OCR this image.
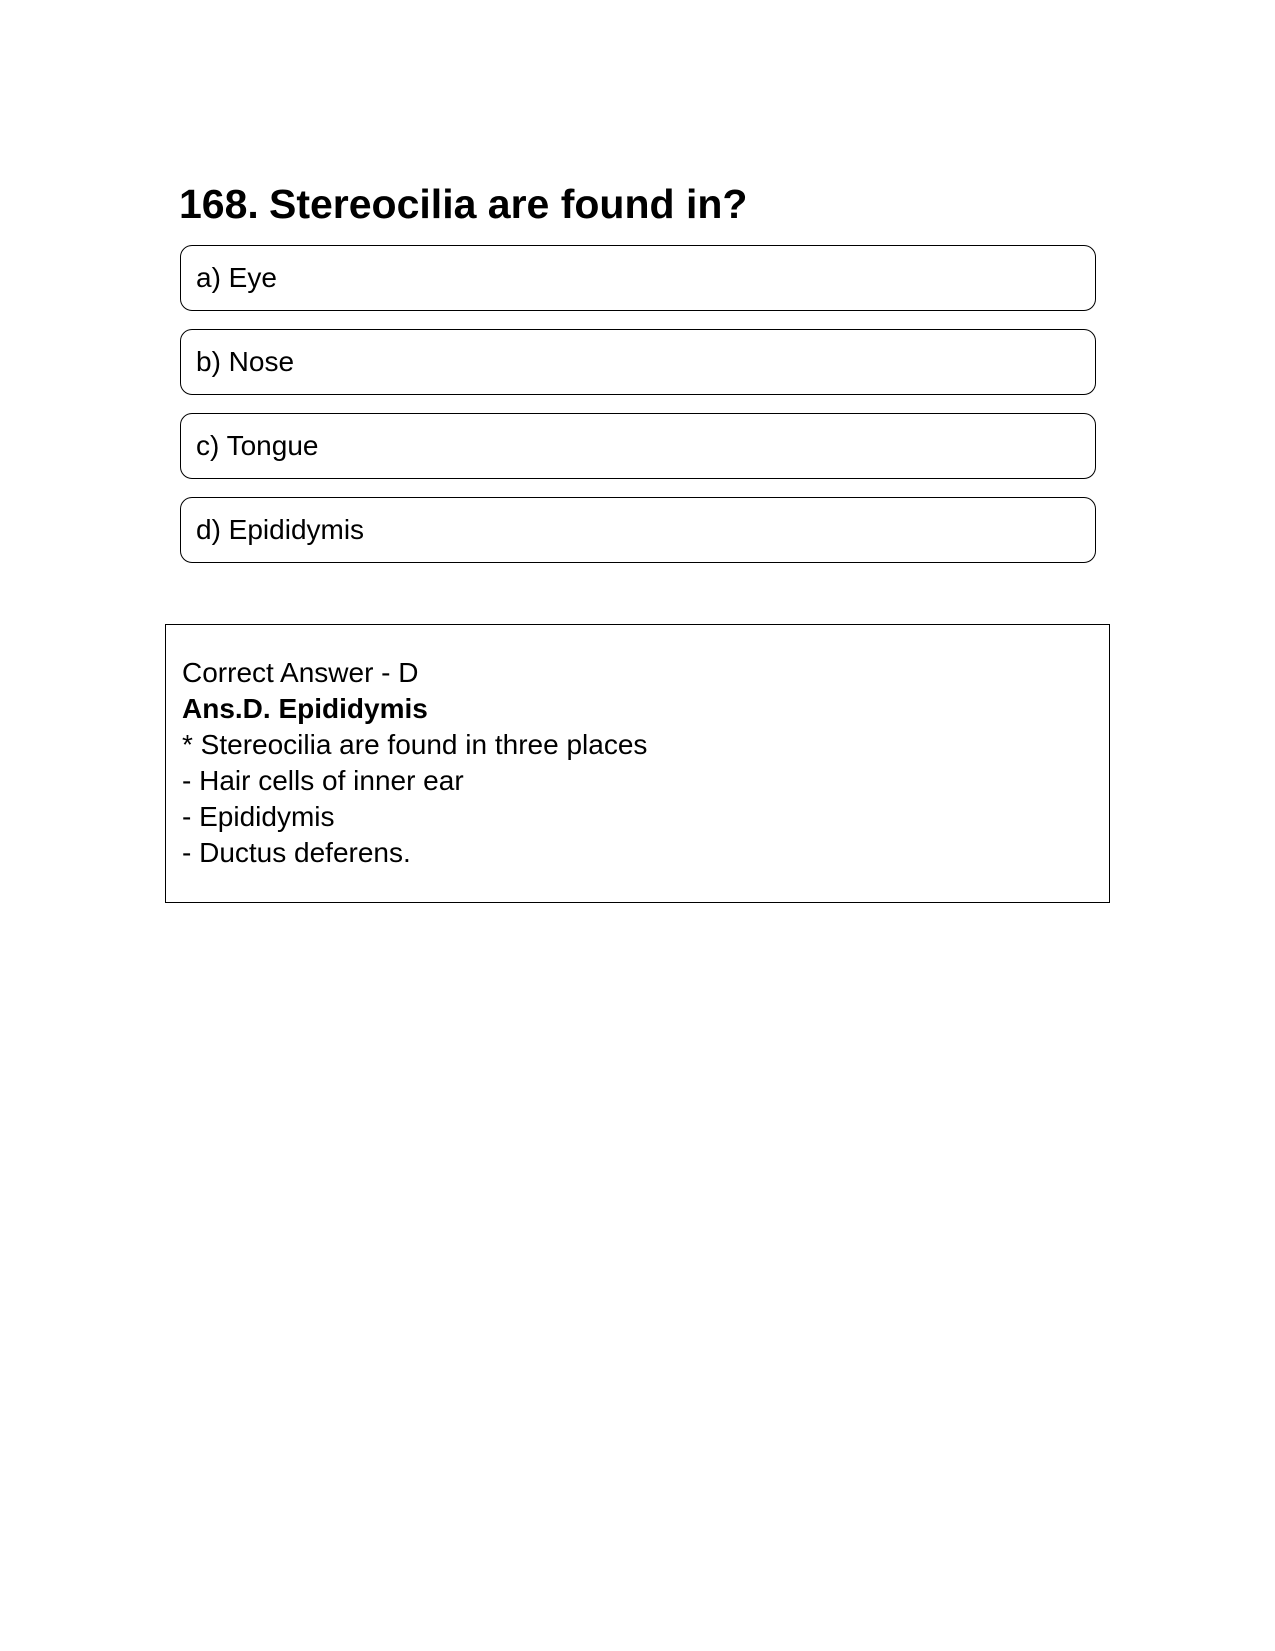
168. Stereocilia are found in?
a) Eye
b) Nose
c) Tongue
d) Epididymis
Correct Answer - D
Ans.D. Epididymis
* Stereocilia are found in three places
- Hair cells of inner ear
- Epididymis
- Ductus deferens.
